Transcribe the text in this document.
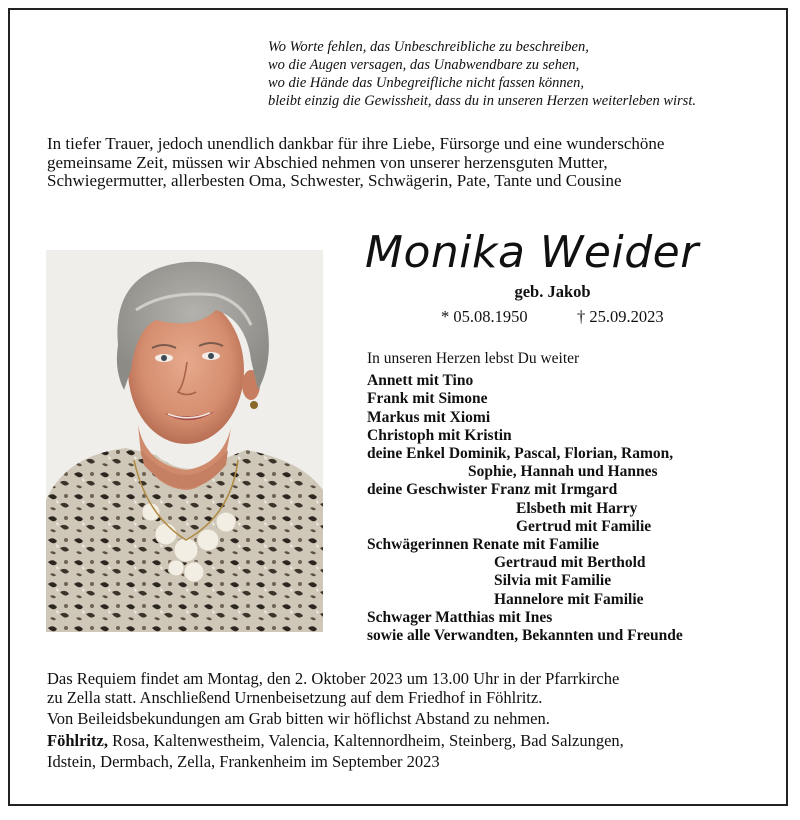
Wo Worte fehlen, das Unbeschreibliche zu beschreiben,
wo die Augen versagen, das Unabwendbare zu sehen,
wo die Hände das Unbegreifliche nicht fassen können,
bleibt einzig die Gewissheit, dass du in unseren Herzen weiterleben wirst.
In tiefer Trauer, jedoch unendlich dankbar für ihre Liebe, Fürsorge und eine wunderschöne
gemeinsame Zeit, müssen wir Abschied nehmen von unserer herzensguten Mutter,
Schwiegermutter, allerbesten Oma, Schwester, Schwägerin, Pate, Tante und Cousine
Monika Weider
geb. Jakob
* 05.08.1950	† 25.09.2023
In unseren Herzen lebst Du weiter
Annett mit Tino
Frank mit Simone
Markus mit Xiomi
Christoph mit Kristin
deine Enkel Dominik, Pascal, Florian, Ramon,
Sophie, Hannah und Hannes
deine Geschwister Franz mit Irmgard
Elsbeth mit Harry
Gertrud mit Familie
Schwägerinnen Renate mit Familie
Gertraud mit Berthold
Silvia mit Familie
Hannelore mit Familie
Schwager Matthias mit Ines
sowie alle Verwandten, Bekannten und Freunde
Das Requiem findet am Montag, den 2. Oktober 2023 um 13.00 Uhr in der Pfarrkirche
zu Zella statt. Anschließend Urnenbeisetzung auf dem Friedhof in Föhlritz.
Von Beileidsbekundungen am Grab bitten wir höflichst Abstand zu nehmen.
Föhlritz, Rosa, Kaltenwestheim, Valencia, Kaltennordheim, Steinberg, Bad Salzungen,
Idstein, Dermbach, Zella, Frankenheim im September 2023
